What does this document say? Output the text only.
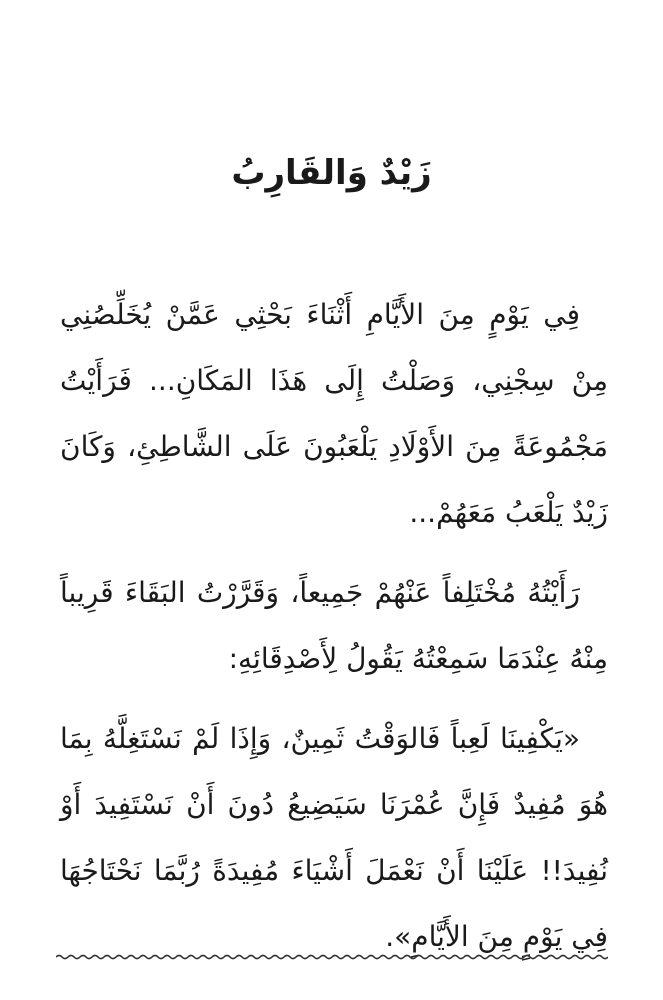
زَيْدٌ وَالقَارِبُ

فِي يَوْمٍ مِنَ الأَيَّامِ أَثْنَاءَ بَحْثِي عَمَّنْ يُخَلِّصُنِي مِنْ سِجْنِي، وَصَلْتُ إِلَى هَذَا المَكَانِ... فَرَأَيْتُ مَجْمُوعَةً مِنَ الأَوْلَادِ يَلْعَبُونَ عَلَى الشَّاطِئِ، وَكَانَ زَيْدٌ يَلْعَبُ مَعَهُمْ...

رَأَيْتُهُ مُخْتَلِفاً عَنْهُمْ جَمِيعاً، وَقَرَّرْتُ البَقَاءَ قَرِيباً مِنْهُ عِنْدَمَا سَمِعْتُهُ يَقُولُ لِأَصْدِقَائِهِ:

«يَكْفِينَا لَعِباً فَالوَقْتُ ثَمِينٌ، وَإِذَا لَمْ نَسْتَغِلَّهُ بِمَا هُوَ مُفِيدٌ فَإِنَّ عُمْرَنَا سَيَضِيعُ دُونَ أَنْ نَسْتَفِيدَ أَوْ نُفِيدَ!! عَلَيْنَا أَنْ نَعْمَلَ أَشْيَاءَ مُفِيدَةً رُبَّمَا نَحْتَاجُهَا فِي يَوْمٍ مِنَ الأَيَّامِ».
